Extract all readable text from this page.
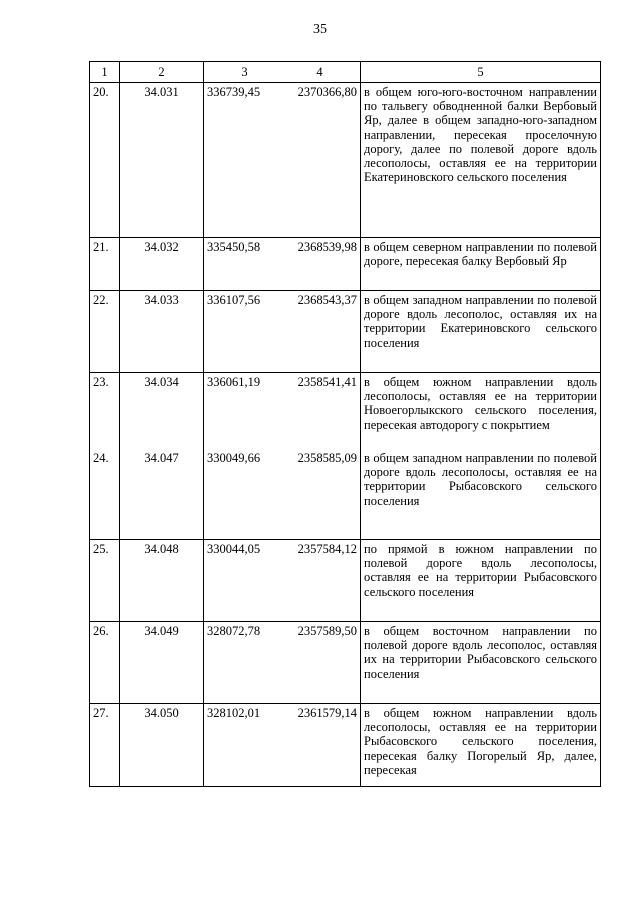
35
1	2	3 4	5
20.	34.031	336739,45 2370366,80	в общем юго-юго-восточном направлении по тальвегу обводненной балки Вербовый Яр, далее в общем западно-юго-западном направлении, пересекая проселочную дорогу, далее по полевой дороге вдоль лесополосы, оставляя ее на территории Екатериновского сельского поселения
21.	34.032	335450,58 2368539,98	в общем северном направлении по полевой дороге, пересекая балку Вербовый Яр
22.	34.033	336107,56 2368543,37	в общем западном направлении по полевой дороге вдоль лесополос, оставляя их на территории Екатериновского сельского поселения
23.	34.034	336061,19 2358541,41	в общем южном направлении вдоль лесополосы, оставляя ее на территории Новоегорлыкского сельского поселения, пересекая автодорогу с покрытием
24.	34.047	330049,66 2358585,09	в общем западном направлении по полевой дороге вдоль лесополосы, оставляя ее на территории Рыбасовского сельского поселения
25.	34.048	330044,05 2357584,12	по прямой в южном направлении по полевой дороге вдоль лесополосы, оставляя ее на территории Рыбасовского сельского поселения
26.	34.049	328072,78 2357589,50	в общем восточном направлении по полевой дороге вдоль лесополос, оставляя их на территории Рыбасовского сельского поселения
27.	34.050	328102,01 2361579,14	в общем южном направлении вдоль лесополосы, оставляя ее на территории Рыбасовского сельского поселения, пересекая балку Погорелый Яр, далее, пересекая
